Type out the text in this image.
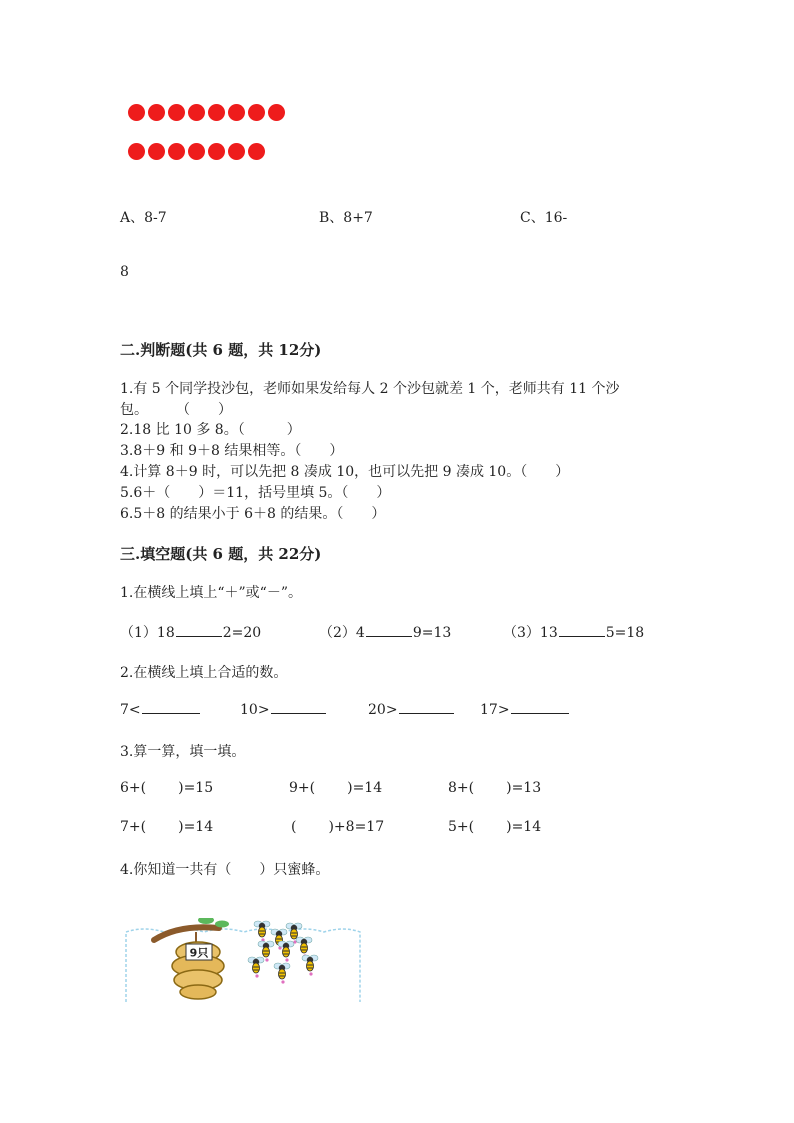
A、8-7	B、8+7	C、16-
8
二.判断题(共 6 题，共 12分)
1.有 5 个同学投沙包，老师如果发给每人 2 个沙包就差 1 个，老师共有 11 个沙
包。　　　（　　）
2.18 比 10 多 8。（　　　）
3.8＋9 和 9＋8 结果相等。（　　）
4.计算 8＋9 时，可以先把 8 凑成 10，也可以先把 9 凑成 10。（　　）
5.6＋（　　）＝11，括号里填 5。（　　）
6.5＋8 的结果小于 6＋8 的结果。（　　）
三.填空题(共 6 题，共 22分)
1.在横线上填上“＋”或“－”。
（1）18	2=20	（2）4	9=13	（3）13	5=18
2.在横线上填上合适的数。
7<	10>	20>	17>
3.算一算，填一填。
6+( )=15	9+( )=14	8+( )=13
7+( )=14	( )+8=17	5+( )=14
4.你知道一共有（　　）只蜜蜂。
9只
